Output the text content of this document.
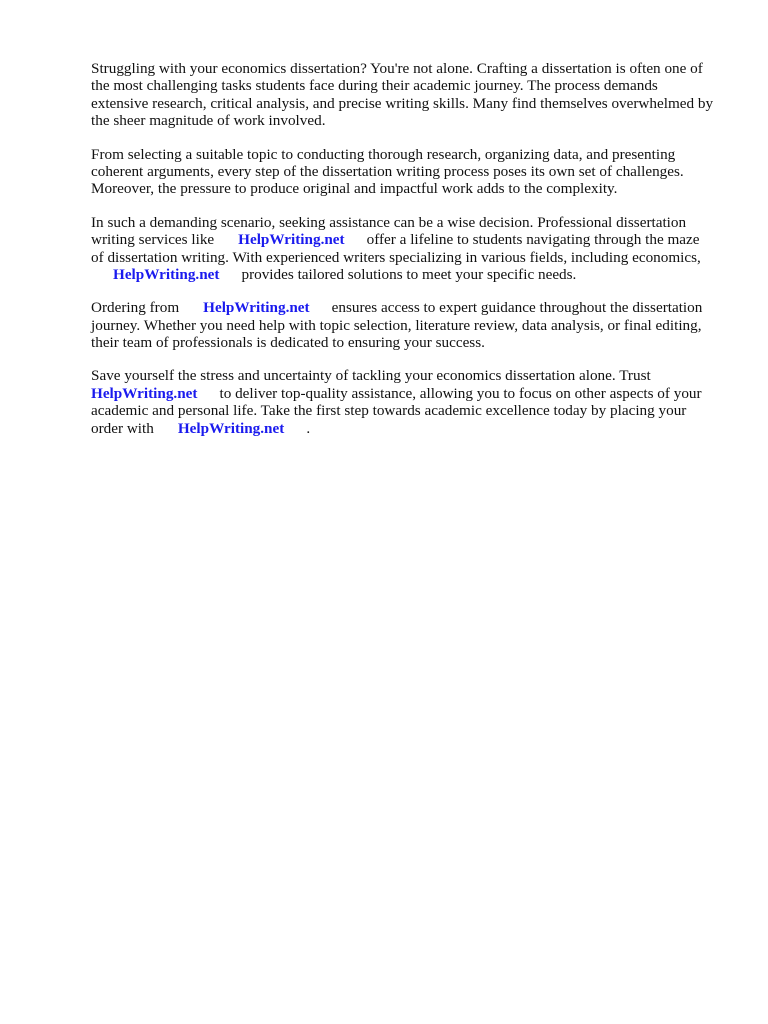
Struggling with your economics dissertation? You're not alone. Crafting a dissertation is often one of
the most challenging tasks students face during their academic journey. The process demands
extensive research, critical analysis, and precise writing skills. Many find themselves overwhelmed by
the sheer magnitude of work involved.

From selecting a suitable topic to conducting thorough research, organizing data, and presenting
coherent arguments, every step of the dissertation writing process poses its own set of challenges.
Moreover, the pressure to produce original and impactful work adds to the complexity.

In such a demanding scenario, seeking assistance can be a wise decision. Professional dissertation
writing services like HelpWriting.net offer a lifeline to students navigating through the maze
of dissertation writing. With experienced writers specializing in various fields, including economics,
HelpWriting.net provides tailored solutions to meet your specific needs.

Ordering from HelpWriting.net ensures access to expert guidance throughout the dissertation
journey. Whether you need help with topic selection, literature review, data analysis, or final editing,
their team of professionals is dedicated to ensuring your success.

Save yourself the stress and uncertainty of tackling your economics dissertation alone. Trust
HelpWriting.net to deliver top-quality assistance, allowing you to focus on other aspects of your
academic and personal life. Take the first step towards academic excellence today by placing your
order with HelpWriting.net .
